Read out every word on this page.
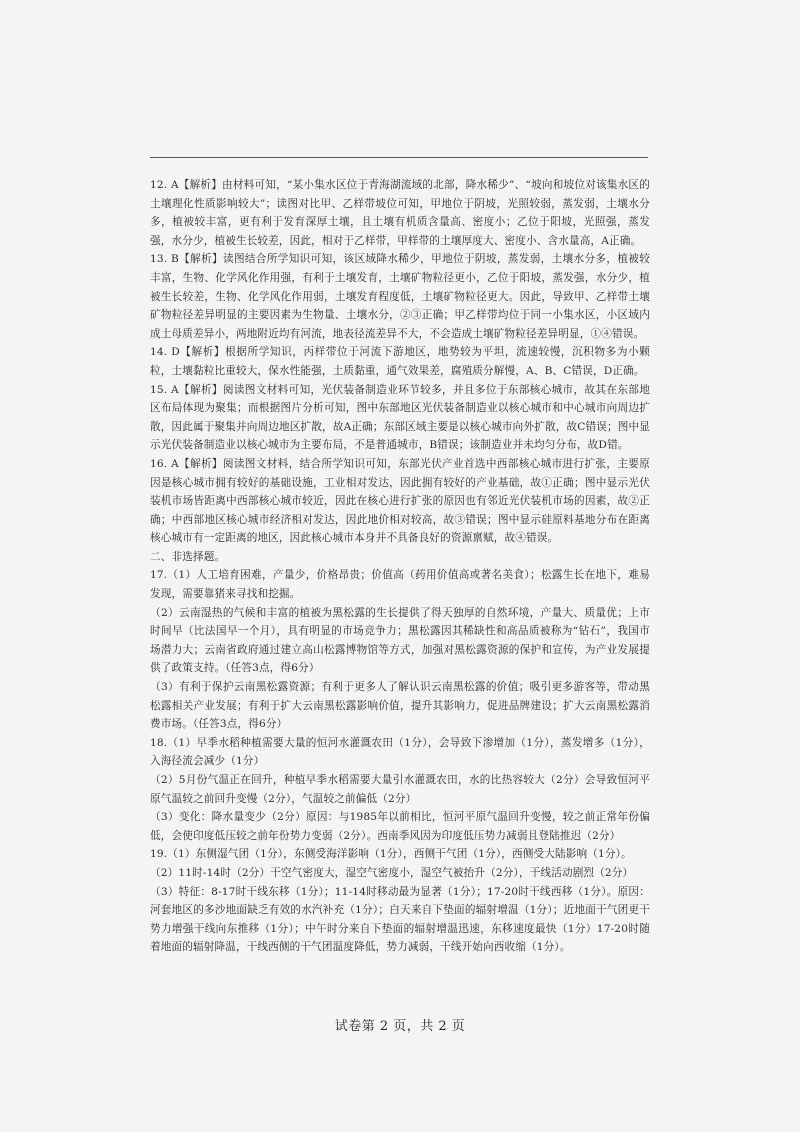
12. A【解析】由材料可知，“某小集水区位于青海湖流域的北部，降水稀少”、“坡向和坡位对该集水区的土壤理化性质影响较大”；读图对比甲、乙样带坡位可知，甲地位于阴坡，光照较弱，蒸发弱，土壤水分多，植被较丰富，更有利于发育深厚土壤，且土壤有机质含量高、密度小；乙位于阳坡，光照强，蒸发强，水分少，植被生长较差，因此，相对于乙样带，甲样带的土壤厚度大、密度小、含水量高，A正确。

13. B【解析】读图结合所学知识可知，该区域降水稀少，甲地位于阴坡，蒸发弱，土壤水分多，植被较丰富，生物、化学风化作用强，有利于土壤发育，土壤矿物粒径更小，乙位于阳坡，蒸发强，水分少，植被生长较差，生物、化学风化作用弱，土壤发育程度低，土壤矿物粒径更大。因此，导致甲、乙样带土壤矿物粒径差异明显的主要因素为生物量、土壤水分，②③正确；甲乙样带均位于同一小集水区，小区域内成土母质差异小，两地附近均有河流，地表径流差异不大，不会造成土壤矿物粒径差异明显，①④错误。

14. D【解析】根据所学知识，丙样带位于河流下游地区，地势较为平坦，流速较慢，沉积物多为小颗粒，土壤黏粒比重较大，保水性能强，土质黏重，通气效果差，腐殖质分解慢，A、B、C错误，D正确。

15. A【解析】阅读图文材料可知，光伏装备制造业环节较多，并且多位于东部核心城市，故其在东部地区布局体现为聚集；而根据图片分析可知，图中东部地区光伏装备制造业以核心城市和中心城市向周边扩散，因此属于聚集并向周边地区扩散，故A正确；东部区域主要是以核心城市向外扩散，故C错误；图中显示光伏装备制造业以核心城市为主要布局，不是普通城市，B错误；该制造业并未均匀分布，故D错。

16. A【解析】阅读图文材料，结合所学知识可知，东部光伏产业首选中西部核心城市进行扩张，主要原因是核心城市拥有较好的基础设施，工业相对发达，因此拥有较好的产业基础，故①正确；图中显示光伏装机市场皆距离中西部核心城市较近，因此在核心进行扩张的原因也有邻近光伏装机市场的因素，故②正确；中西部地区核心城市经济相对发达，因此地价相对较高，故③错误；图中显示硅原料基地分布在距离核心城市有一定距离的地区，因此核心城市本身并不具备良好的资源禀赋，故④错误。

二、非选择题。

17.（1）人工培育困难，产量少，价格昂贵；价值高（药用价值高或著名美食）；松露生长在地下，难易发现，需要靠猪来寻找和挖掘。

（2）云南湿热的气候和丰富的植被为黑松露的生长提供了得天独厚的自然环境，产量大、质量优；上市时间早（比法国早一个月），具有明显的市场竞争力；黑松露因其稀缺性和高品质被称为“钻石”，我国市场潜力大；云南省政府通过建立高山松露博物馆等方式，加强对黑松露资源的保护和宣传，为产业发展提供了政策支持。（任答3点，得6分）

（3）有利于保护云南黑松露资源；有利于更多人了解认识云南黑松露的价值；吸引更多游客等，带动黑松露相关产业发展；有利于扩大云南黑松露影响价值，提升其影响力，促进品牌建设；扩大云南黑松露消费市场。（任答3点，得6分）

18.（1）早季水稻种植需要大量的恒河水灌溉农田（1分），会导致下渗增加（1分），蒸发增多（1分），入海径流会减少（1分）

（2）5月份气温正在回升，种植早季水稻需要大量引水灌溉农田，水的比热容较大（2分）会导致恒河平原气温较之前回升变慢（2分），气温较之前偏低（2分）

（3）变化：降水量变少（2分）原因：与1985年以前相比，恒河平原气温回升变慢，较之前正常年份偏低，会使印度低压较之前年份势力变弱（2分）。西南季风因为印度低压势力减弱且登陆推迟（2分）

19.（1）东侧湿气团（1分），东侧受海洋影响（1分），西侧干气团（1分），西侧受大陆影响（1分）。

（2）11时-14时（2分）干空气密度大，湿空气密度小，湿空气被抬升（2分），干线活动剧烈（2分）

（3）特征：8-17时干线东移（1分）；11-14时移动最为显著（1分）；17-20时干线西移（1分）。原因：河套地区的多沙地面缺乏有效的水汽补充（1分）；白天来自下垫面的辐射增温（1分）；近地面干气团更干势力增强干线向东推移（1分）；中午时分来自下垫面的辐射增温迅速，东移速度最快（1分）17-20时随着地面的辐射降温，干线西侧的干气团温度降低，势力减弱，干线开始向西收缩（1分）。

试卷第 2 页，共 2 页
